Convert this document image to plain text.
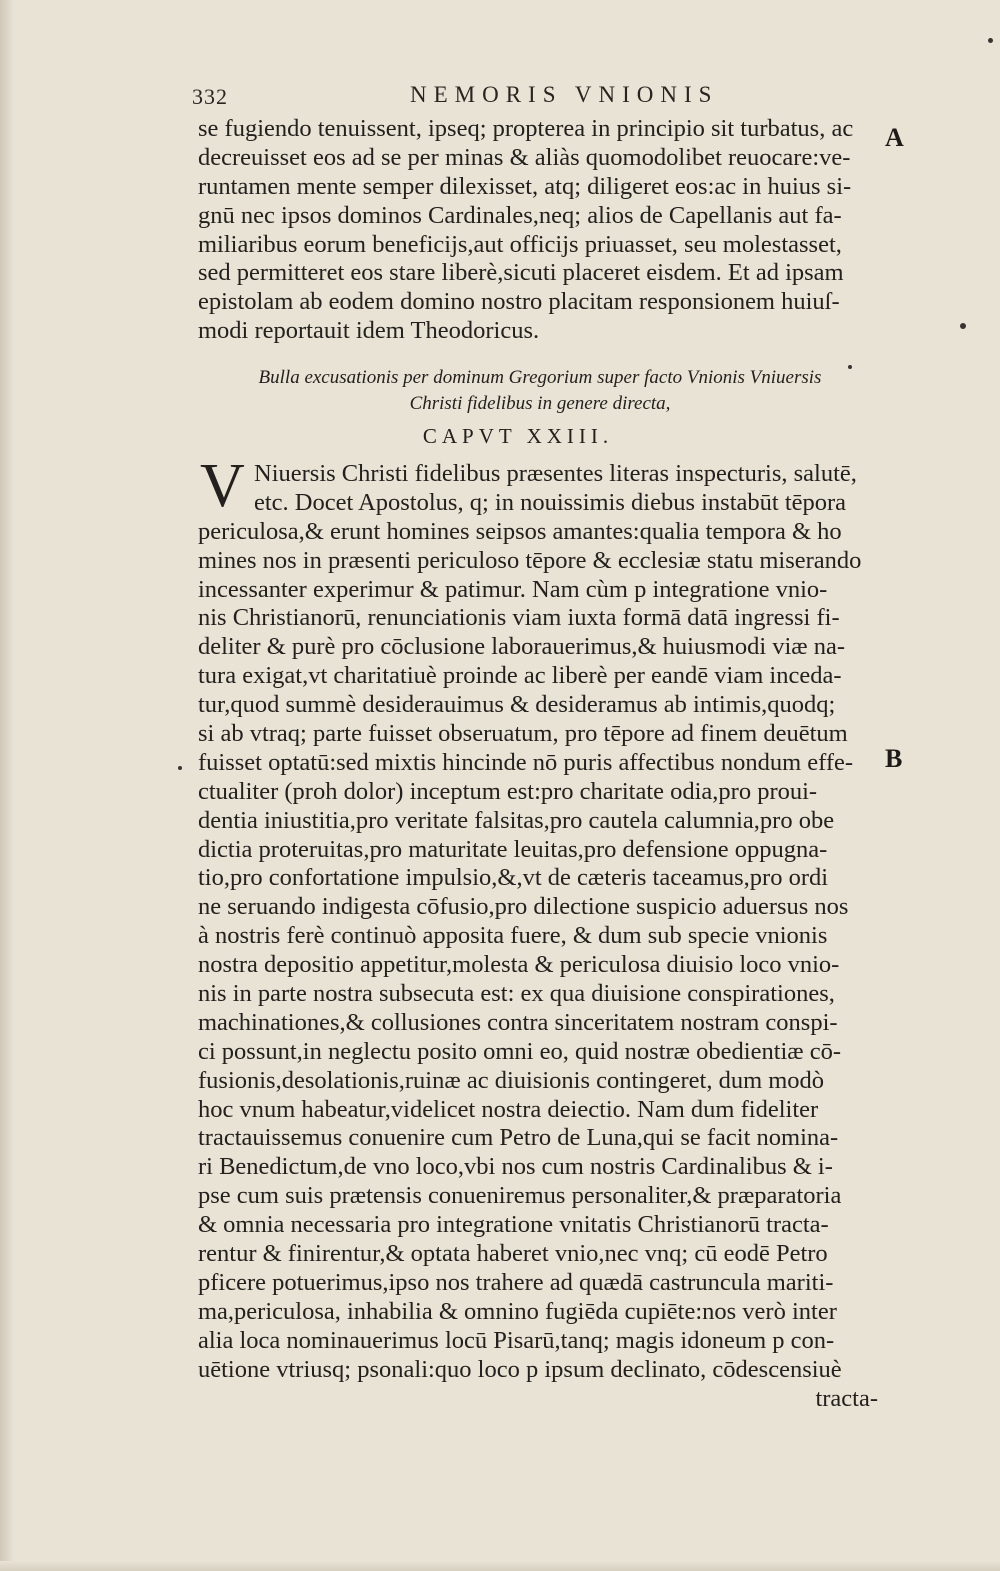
332	NEMORIS VNIONIS
A
B
se fugiendo tenuissent, ipseq; propterea in principio sit turbatus, ac
decreuisset eos ad se per minas & aliàs quomodolibet reuocare:ve-
runtamen mente semper dilexisset, atq; diligeret eos:ac in huius si-
gnū nec ipsos dominos Cardinales,neq; alios de Capellanis aut fa-
miliaribus eorum beneficijs,aut officijs priuasset, seu molestasset,
sed permitteret eos stare liberè,sicuti placeret eisdem. Et ad ipsam
epistolam ab eodem domino nostro placitam responsionem huiuſ-
modi reportauit idem Theodoricus.
Bulla excusationis per dominum Gregorium super facto Vnionis Vniuersis
Christi fidelibus in genere directa,
CAPVT XXIII.
V Niuersis Christi fidelibus præsentes literas inspecturis, salutē,
etc. Docet Apostolus, q; in nouissimis diebus instabūt tēpora
periculosa,& erunt homines seipsos amantes:qualia tempora & ho
mines nos in præsenti periculoso tēpore & ecclesiæ statu miserando
incessanter experimur & patimur. Nam cùm p integratione vnio-
nis Christianorū, renunciationis viam iuxta formā datā ingressi fi-
deliter & purè pro cōclusione laborauerimus,& huiusmodi viæ na-
tura exigat,vt charitatiuè proinde ac liberè per eandē viam inceda-
tur,quod summè desiderauimus & desideramus ab intimis,quodq;
si ab vtraq; parte fuisset obseruatum, pro tēpore ad finem deuētum
fuisset optatū:sed mixtis hincinde nō puris affectibus nondum effe-
ctualiter (proh dolor) inceptum est:pro charitate odia,pro proui-
dentia iniustitia,pro veritate falsitas,pro cautela calumnia,pro obe
dictia proteruitas,pro maturitate leuitas,pro defensione oppugna-
tio,pro confortatione impulsio,&,vt de cæteris taceamus,pro ordi
ne seruando indigesta cōfusio,pro dilectione suspicio aduersus nos
à nostris ferè continuò apposita fuere, & dum sub specie vnionis
nostra depositio appetitur,molesta & periculosa diuisio loco vnio-
nis in parte nostra subsecuta est: ex qua diuisione conspirationes,
machinationes,& collusiones contra sinceritatem nostram conspi-
ci possunt,in neglectu posito omni eo, quid nostræ obedientiæ cō-
fusionis,desolationis,ruinæ ac diuisionis contingeret, dum modò
hoc vnum habeatur,videlicet nostra deiectio. Nam dum fideliter
tractauissemus conuenire cum Petro de Luna,qui se facit nomina-
ri Benedictum,de vno loco,vbi nos cum nostris Cardinalibus & i-
pse cum suis prætensis conueniremus personaliter,& præparatoria
& omnia necessaria pro integratione vnitatis Christianorū tracta-
rentur & finirentur,& optata haberet vnio,nec vnq; cū eodē Petro
pficere potuerimus,ipso nos trahere ad quædā castruncula mariti-
ma,periculosa, inhabilia & omnino fugiēda cupiēte:nos verò inter
alia loca nominauerimus locū Pisarū,tanq; magis idoneum p con-
uētione vtriusq; psonali:quo loco p ipsum declinato, cōdescensiuè
tracta-
